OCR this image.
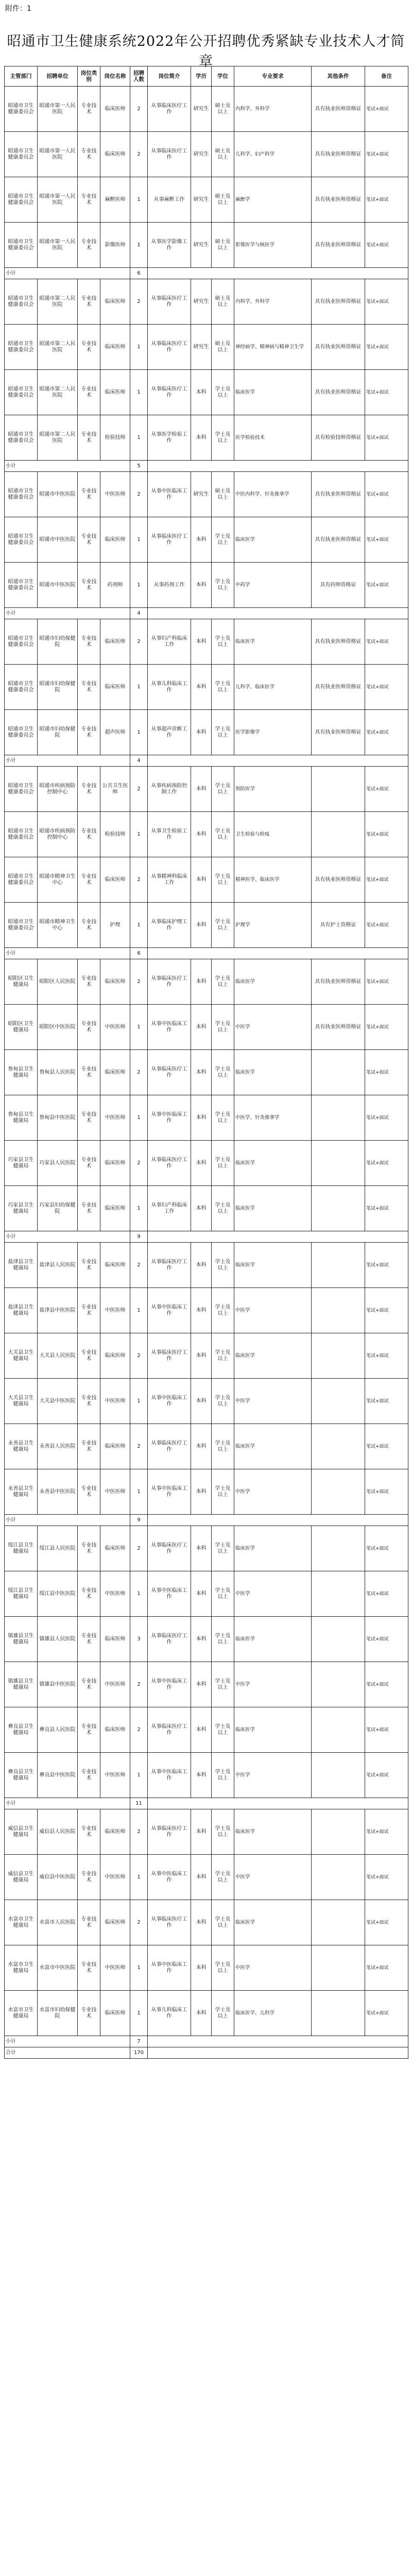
附件：1
昭通市卫生健康系统2022年公开招聘优秀紧缺专业技术人才简章
主管部门	招聘单位	岗位类别	岗位名称	招聘人数	岗位简介	学历	学位	专业要求	其他条件	备注
昭通市卫生健康委员会	昭通市第一人民医院	专业技术	临床医师	2	从事临床医疗工作	研究生	硕士及以上	内科学、外科学	具有执业医师资格证	笔试+面试
昭通市卫生健康委员会	昭通市第一人民医院	专业技术	临床医师	2	从事临床医疗工作	研究生	硕士及以上	儿科学、妇产科学	具有执业医师资格证	笔试+面试
昭通市卫生健康委员会	昭通市第一人民医院	专业技术	麻醉医师	1	从事麻醉工作	研究生	硕士及以上	麻醉学	具有执业医师资格证	笔试+面试
昭通市卫生健康委员会	昭通市第一人民医院	专业技术	影像医师	1	从事医学影像工作	研究生	硕士及以上	影像医学与核医学	具有执业医师资格证	笔试+面试
小计				6						
昭通市卫生健康委员会	昭通市第二人民医院	专业技术	临床医师	2	从事临床医疗工作	研究生	硕士及以上	内科学、外科学	具有执业医师资格证	笔试+面试
昭通市卫生健康委员会	昭通市第二人民医院	专业技术	临床医师	1	从事临床医疗工作	研究生	硕士及以上	神经病学、精神病与精神卫生学	具有执业医师资格证	笔试+面试
昭通市卫生健康委员会	昭通市第二人民医院	专业技术	临床医师	1	从事临床医疗工作	本科	学士及以上	临床医学	具有执业医师资格证	笔试+面试
昭通市卫生健康委员会	昭通市第二人民医院	专业技术	检验技师	1	从事医学检验工作	本科	学士及以上	医学检验技术	具有检验技师资格证	笔试+面试
小计				5						
昭通市卫生健康委员会	昭通市中医医院	专业技术	中医医师	2	从事中医临床工作	研究生	硕士及以上	中医内科学、针灸推拿学	具有执业医师资格证	笔试+面试
昭通市卫生健康委员会	昭通市中医医院	专业技术	临床医师	1	从事临床医疗工作	本科	学士及以上	临床医学	具有执业医师资格证	笔试+面试
昭通市卫生健康委员会	昭通市中医医院	专业技术	药剂师	1	从事药剂工作	本科	学士及以上	中药学	具有药师资格证	笔试+面试
小计				4						
昭通市卫生健康委员会	昭通市妇幼保健院	专业技术	临床医师	2	从事妇产科临床工作	本科	学士及以上	临床医学	具有执业医师资格证	笔试+面试
昭通市卫生健康委员会	昭通市妇幼保健院	专业技术	临床医师	1	从事儿科临床工作	本科	学士及以上	儿科学、临床医学	具有执业医师资格证	笔试+面试
昭通市卫生健康委员会	昭通市妇幼保健院	专业技术	超声医师	1	从事超声诊断工作	本科	学士及以上	医学影像学	具有执业医师资格证	笔试+面试
小计				4						
昭通市卫生健康委员会	昭通市疾病预防控制中心	专业技术	公共卫生医师	2	从事疾病预防控制工作	本科	学士及以上	预防医学		笔试+面试
昭通市卫生健康委员会	昭通市疾病预防控制中心	专业技术	检验技师	1	从事卫生检验工作	本科	学士及以上	卫生检验与检疫		笔试+面试
昭通市卫生健康委员会	昭通市精神卫生中心	专业技术	临床医师	2	从事精神科临床工作	本科	学士及以上	精神医学、临床医学	具有执业医师资格证	笔试+面试
昭通市卫生健康委员会	昭通市精神卫生中心	专业技术	护理	1	从事临床护理工作	本科	学士及以上	护理学	具有护士资格证	笔试+面试
小计				6						
昭阳区卫生健康局	昭阳区人民医院	专业技术	临床医师	2	从事临床医疗工作	本科	学士及以上	临床医学	具有执业医师资格证	笔试+面试
昭阳区卫生健康局	昭阳区中医医院	专业技术	中医医师	1	从事中医临床工作	本科	学士及以上	中医学	具有执业医师资格证	笔试+面试
鲁甸县卫生健康局	鲁甸县人民医院	专业技术	临床医师	2	从事临床医疗工作	本科	学士及以上	临床医学		笔试+面试
鲁甸县卫生健康局	鲁甸县中医医院	专业技术	中医医师	1	从事中医临床工作	本科	学士及以上	中医学、针灸推拿学		笔试+面试
巧家县卫生健康局	巧家县人民医院	专业技术	临床医师	2	从事临床医疗工作	本科	学士及以上	临床医学		笔试+面试
巧家县卫生健康局	巧家县妇幼保健院	专业技术	临床医师	1	从事妇产科临床工作	本科	学士及以上	临床医学		笔试+面试
小计				9						
盐津县卫生健康局	盐津县人民医院	专业技术	临床医师	2	从事临床医疗工作	本科	学士及以上	临床医学		笔试+面试
盐津县卫生健康局	盐津县中医医院	专业技术	中医医师	1	从事中医临床工作	本科	学士及以上	中医学		笔试+面试
大关县卫生健康局	大关县人民医院	专业技术	临床医师	2	从事临床医疗工作	本科	学士及以上	临床医学		笔试+面试
大关县卫生健康局	大关县中医医院	专业技术	中医医师	1	从事中医临床工作	本科	学士及以上	中医学		笔试+面试
永善县卫生健康局	永善县人民医院	专业技术	临床医师	2	从事临床医疗工作	本科	学士及以上	临床医学		笔试+面试
永善县卫生健康局	永善县中医医院	专业技术	中医医师	1	从事中医临床工作	本科	学士及以上	中医学		笔试+面试
小计				9						
绥江县卫生健康局	绥江县人民医院	专业技术	临床医师	2	从事临床医疗工作	本科	学士及以上	临床医学		笔试+面试
绥江县卫生健康局	绥江县中医医院	专业技术	中医医师	1	从事中医临床工作	本科	学士及以上	中医学		笔试+面试
镇雄县卫生健康局	镇雄县人民医院	专业技术	临床医师	3	从事临床医疗工作	本科	学士及以上	临床医学		笔试+面试
镇雄县卫生健康局	镇雄县中医医院	专业技术	中医医师	2	从事中医临床工作	本科	学士及以上	中医学		笔试+面试
彝良县卫生健康局	彝良县人民医院	专业技术	临床医师	2	从事临床医疗工作	本科	学士及以上	临床医学		笔试+面试
彝良县卫生健康局	彝良县中医医院	专业技术	中医医师	1	从事中医临床工作	本科	学士及以上	中医学		笔试+面试
小计				11						
威信县卫生健康局	威信县人民医院	专业技术	临床医师	2	从事临床医疗工作	本科	学士及以上	临床医学		笔试+面试
威信县卫生健康局	威信县中医医院	专业技术	中医医师	1	从事中医临床工作	本科	学士及以上	中医学		笔试+面试
水富市卫生健康局	水富市人民医院	专业技术	临床医师	2	从事临床医疗工作	本科	学士及以上	临床医学		笔试+面试
水富市卫生健康局	水富市中医医院	专业技术	中医医师	1	从事中医临床工作	本科	学士及以上	中医学		笔试+面试
水富市卫生健康局	水富市妇幼保健院	专业技术	临床医师	1	从事儿科临床工作	本科	学士及以上	临床医学、儿科学		笔试+面试
小计				7						
合计				170						
